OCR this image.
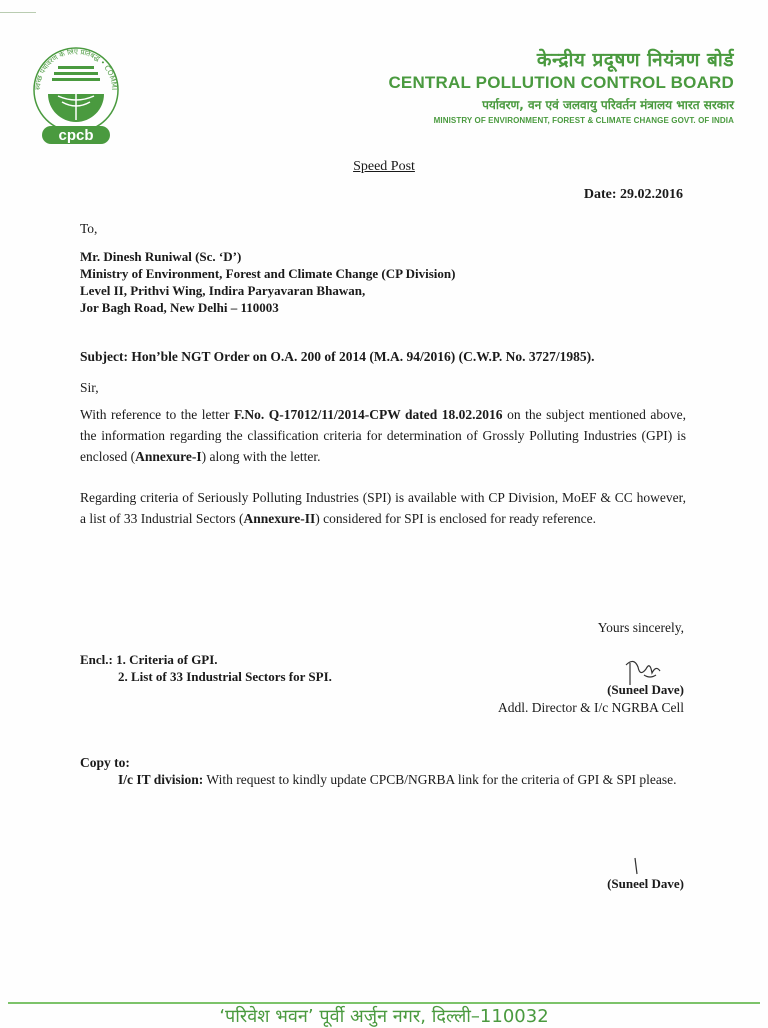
स्वच्छ पर्यावरण के लिए प्रतिबद्ध • COMMI
cpcb
केन्द्रीय प्रदूषण नियंत्रण बोर्ड
CENTRAL POLLUTION CONTROL BOARD
पर्यावरण, वन एवं जलवायु परिवर्तन मंत्रालय भारत सरकार
MINISTRY OF ENVIRONMENT, FOREST & CLIMATE CHANGE GOVT. OF INDIA
Speed Post
Date: 29.02.2016
To,
Mr. Dinesh Runiwal (Sc. ‘D’)
Ministry of Environment, Forest and Climate Change (CP Division)
Level II, Prithvi Wing, Indira Paryavaran Bhawan,
Jor Bagh Road, New Delhi – 110003
Subject: Hon’ble NGT Order on O.A. 200 of 2014 (M.A. 94/2016) (C.W.P. No. 3727/1985).
Sir,
With reference to the letter F.No. Q-17012/11/2014-CPW dated 18.02.2016 on the subject mentioned above, the information regarding the classification criteria for determination of Grossly Polluting Industries (GPI) is enclosed (Annexure-I) along with the letter.
Regarding criteria of Seriously Polluting Industries (SPI) is available with CP Division, MoEF & CC however, a list of 33 Industrial Sectors (Annexure-II) considered for SPI is enclosed for ready reference.
Yours sincerely,
Encl.: 1. Criteria of GPI.
2. List of 33 Industrial Sectors for SPI.
(Suneel Dave)
Addl. Director & I/c NGRBA Cell
Copy to:
I/c IT division: With request to kindly update CPCB/NGRBA link for the criteria of GPI & SPI please.
(Suneel Dave)
‘परिवेश भवन’ पूर्वी अर्जुन नगर, दिल्ली–110032
